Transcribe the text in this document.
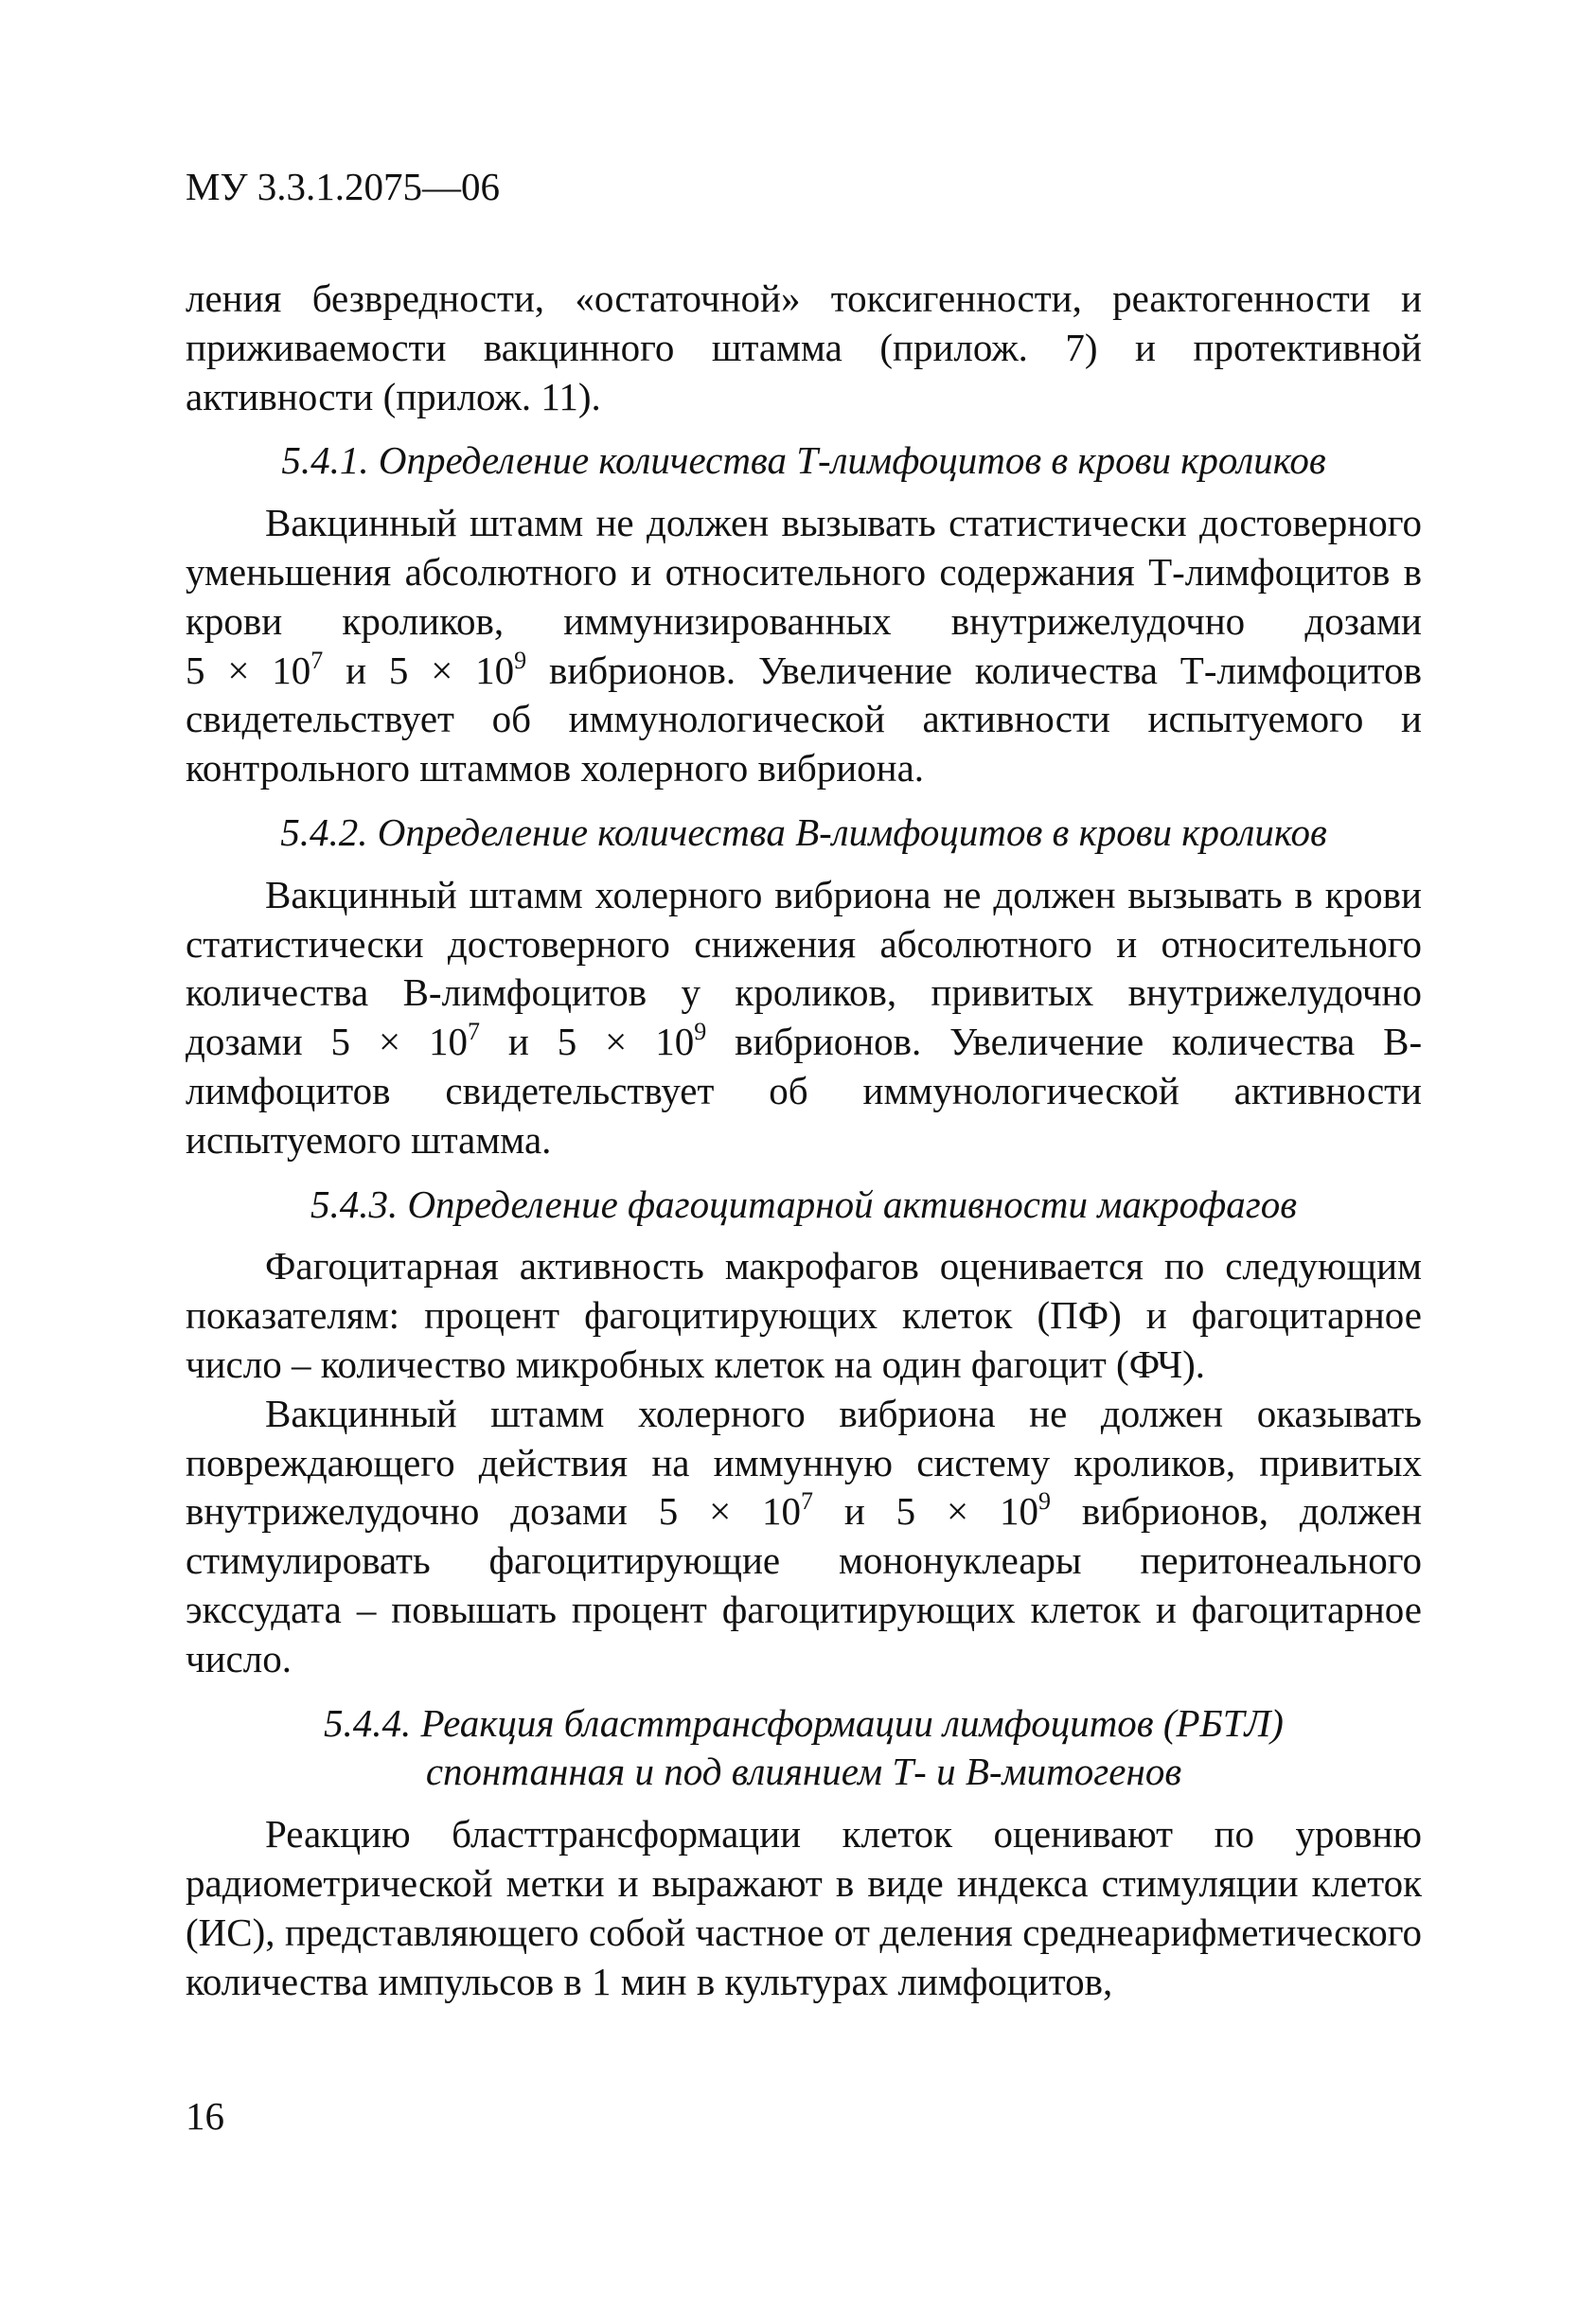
МУ 3.3.1.2075—06

ления безвредности, «остаточной» токсигенности, реактогенности и приживаемости вакцинного штамма (прилож. 7) и протективной активности (прилож. 11).

5.4.1. Определение количества Т-лимфоцитов в крови кроликов

Вакцинный штамм не должен вызывать статистически достоверного уменьшения абсолютного и относительного содержания Т-лимфоцитов в крови кроликов, иммунизированных внутрижелудочно дозами $5 \times 10^7$ и $5 \times 10^9$ вибрионов. Увеличение количества Т-лимфоцитов свидетельствует об иммунологической активности испытуемого и контрольного штаммов холерного вибриона.

5.4.2. Определение количества В-лимфоцитов в крови кроликов

Вакцинный штамм холерного вибриона не должен вызывать в крови статистически достоверного снижения абсолютного и относительного количества В-лимфоцитов у кроликов, привитых внутрижелудочно дозами $5 \times 10^7$ и $5 \times 10^9$ вибрионов. Увеличение количества В-лимфоцитов свидетельствует об иммунологической активности испытуемого штамма.

5.4.3. Определение фагоцитарной активности макрофагов

Фагоцитарная активность макрофагов оценивается по следующим показателям: процент фагоцитирующих клеток (ПФ) и фагоцитарное число – количество микробных клеток на один фагоцит (ФЧ).

Вакцинный штамм холерного вибриона не должен оказывать повреждающего действия на иммунную систему кроликов, привитых внутрижелудочно дозами $5 \times 10^7$ и $5 \times 10^9$ вибрионов, должен стимулировать фагоцитирующие мононуклеары перитонеального экссудата – повышать процент фагоцитирующих клеток и фагоцитарное число.

5.4.4. Реакция бласттрансформации лимфоцитов (РБТЛ)
спонтанная и под влиянием Т- и В-митогенов

Реакцию бласттрансформации клеток оценивают по уровню радиометрической метки и выражают в виде индекса стимуляции клеток (ИС), представляющего собой частное от деления среднеарифметического количества импульсов в 1 мин в культурах лимфоцитов,

16
